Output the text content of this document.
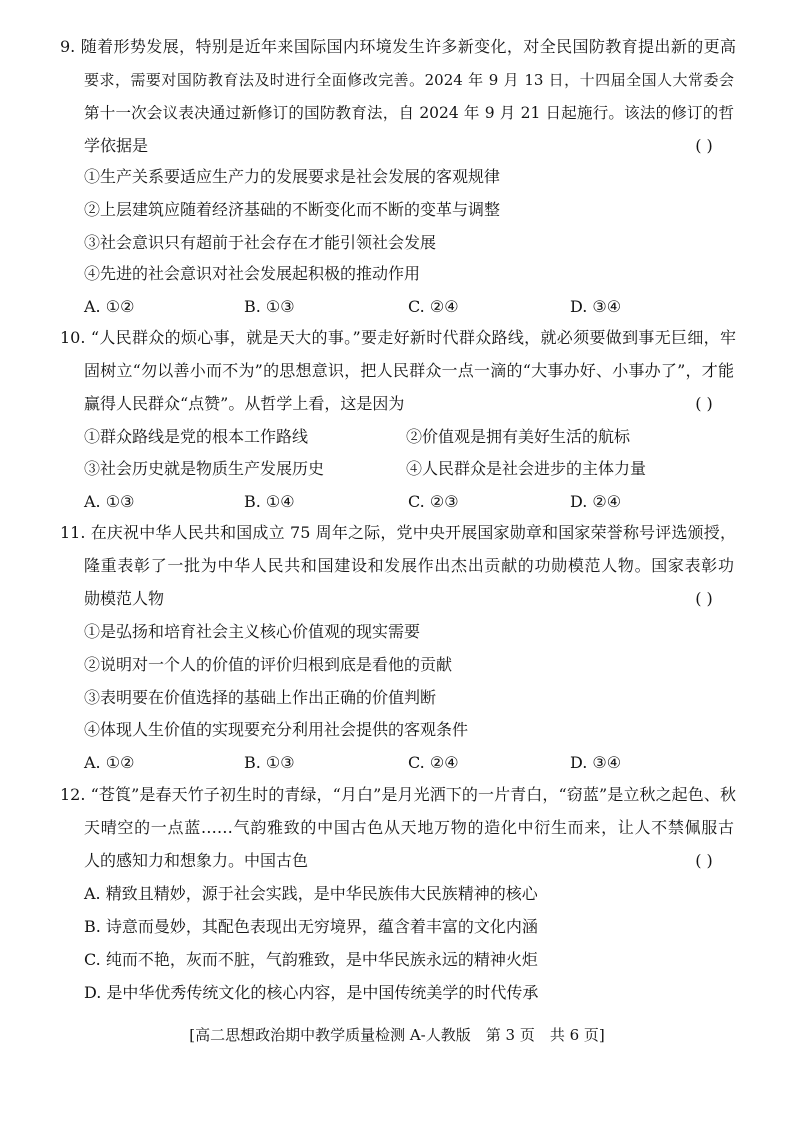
9. 随着形势发展，特别是近年来国际国内环境发生许多新变化，对全民国防教育提出新的更高
要求，需要对国防教育法及时进行全面修改完善。2024 年 9 月 13 日，十四届全国人大常委会
第十一次会议表决通过新修订的国防教育法，自 2024 年 9 月 21 日起施行。该法的修订的哲
学依据是	( )
①生产关系要适应生产力的发展要求是社会发展的客观规律
②上层建筑应随着经济基础的不断变化而不断的变革与调整
③社会意识只有超前于社会存在才能引领社会发展
④先进的社会意识对社会发展起积极的推动作用
A. ①②	B. ①③	C. ②④	D. ③④
10. “人民群众的烦心事，就是天大的事。”要走好新时代群众路线，就必须要做到事无巨细，牢
固树立“勿以善小而不为”的思想意识，把人民群众一点一滴的“大事办好、小事办了”，才能
赢得人民群众“点赞”。从哲学上看，这是因为	( )
①群众路线是党的根本工作路线	②价值观是拥有美好生活的航标
③社会历史就是物质生产发展历史	④人民群众是社会进步的主体力量
A. ①③	B. ①④	C. ②③	D. ②④
11. 在庆祝中华人民共和国成立 75 周年之际，党中央开展国家勋章和国家荣誉称号评选颁授，
隆重表彰了一批为中华人民共和国建设和发展作出杰出贡献的功勋模范人物。国家表彰功
勋模范人物	( )
①是弘扬和培育社会主义核心价值观的现实需要
②说明对一个人的价值的评价归根到底是看他的贡献
③表明要在价值选择的基础上作出正确的价值判断
④体现人生价值的实现要充分利用社会提供的客观条件
A. ①②	B. ①③	C. ②④	D. ③④
12. “苍筤”是春天竹子初生时的青绿，“月白”是月光洒下的一片青白，“窃蓝”是立秋之起色、秋
天晴空的一点蓝……气韵雅致的中国古色从天地万物的造化中衍生而来，让人不禁佩服古
人的感知力和想象力。中国古色	( )
A. 精致且精妙，源于社会实践，是中华民族伟大民族精神的核心
B. 诗意而曼妙，其配色表现出无穷境界，蕴含着丰富的文化内涵
C. 纯而不艳，灰而不脏，气韵雅致，是中华民族永远的精神火炬
D. 是中华优秀传统文化的核心内容，是中国传统美学的时代传承
[高二思想政治期中教学质量检测 A-人教版　第 3 页　共 6 页]
